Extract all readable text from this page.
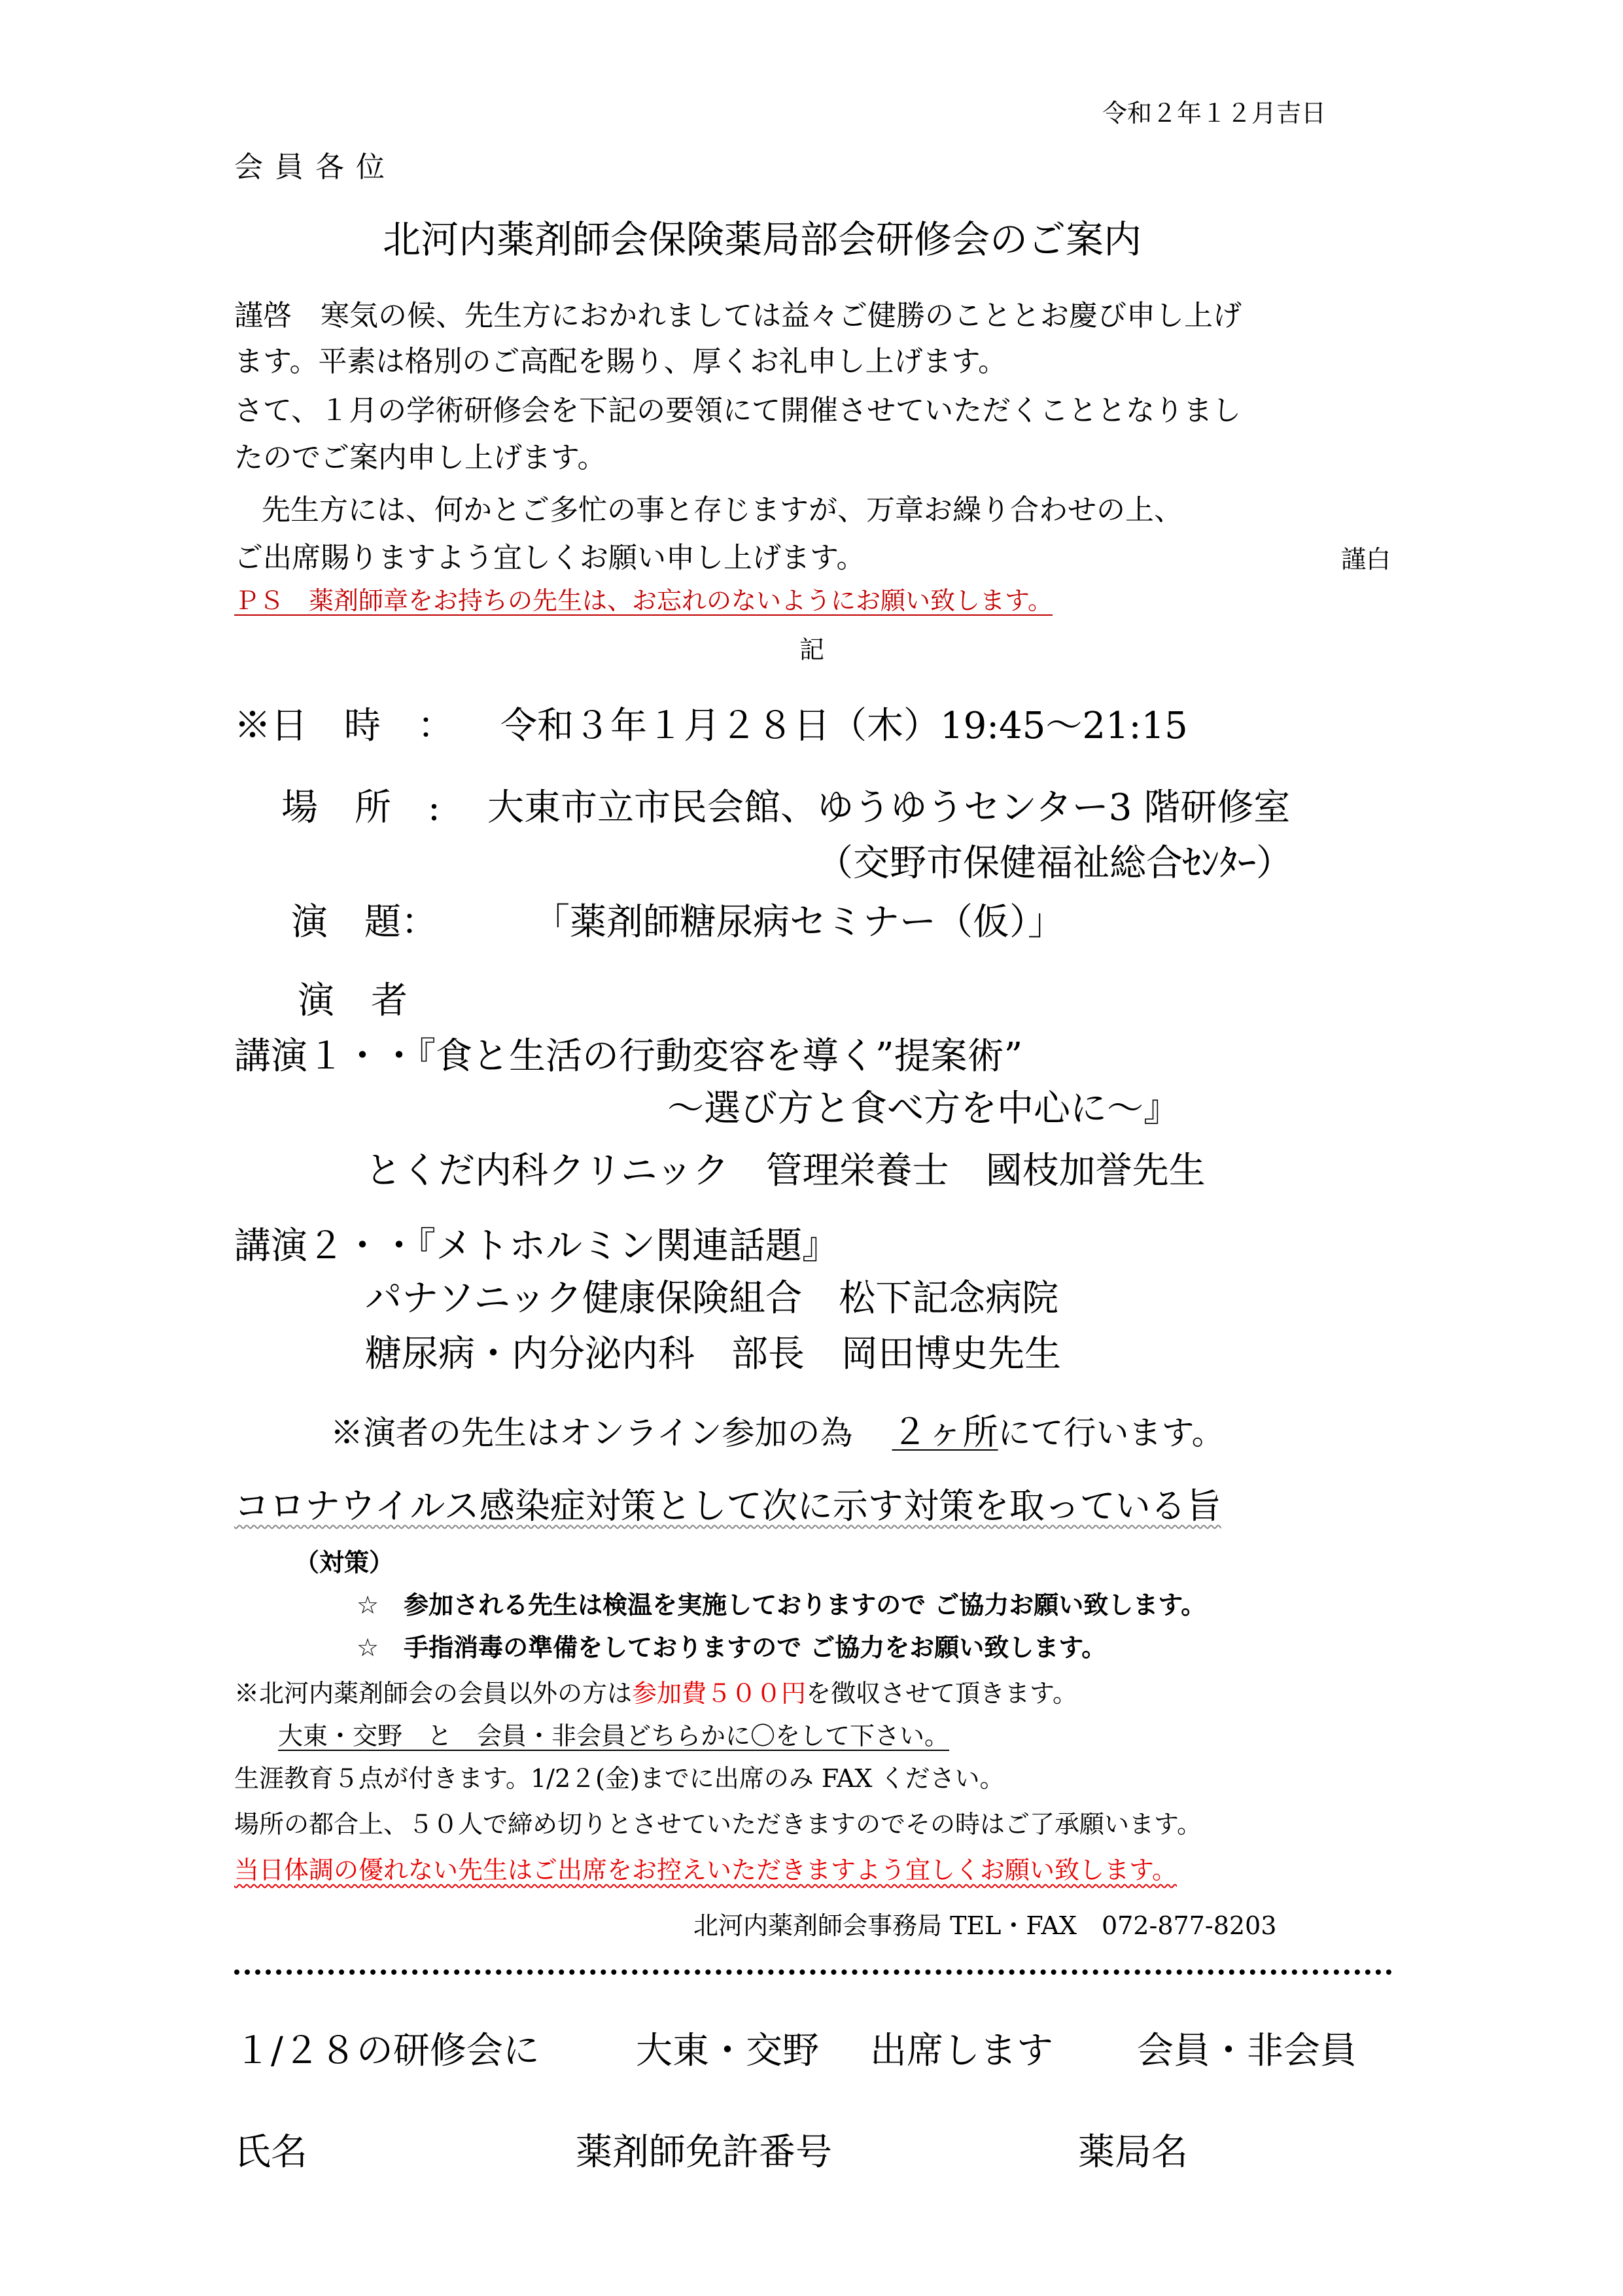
令和２年１２月吉日
会員各位
北河内薬剤師会保険薬局部会研修会のご案内
謹啓　寒気の候、先生方におかれましては益々ご健勝のこととお慶び申し上げ
ます。平素は格別のご高配を賜り、厚くお礼申し上げます。
さて、１月の学術研修会を下記の要領にて開催させていただくこととなりまし
たのでご案内申し上げます。
先生方には、何かとご多忙の事と存じますが、万章お繰り合わせの上、
ご出席賜りますよう宜しくお願い申し上げます。	謹白
ＰＳ　薬剤師章をお持ちの先生は、お忘れのないようにお願い致します。
記
※日　時　： 令和３年１月２８日（木）19:45～21:15
場　所　: 大東市立市民会館、ゆうゆうセンター3 階研修室
（交野市保健福祉総合ｾﾝﾀｰ）
演　題：	「薬剤師糖尿病セミナー（仮）」
演　者
講演１・・『食と生活の行動変容を導く”提案術”
～選び方と食べ方を中心に～』
とくだ内科クリニック　管理栄養士　國枝加誉先生
講演２・・『メトホルミン関連話題』
パナソニック健康保険組合　松下記念病院
糖尿病・内分泌内科　部長　岡田博史先生
※演者の先生はオンライン参加の為 ２ヶ所にて行います。
コロナウイルス感染症対策として次に示す対策を取っている旨
（対策）
☆　参加される先生は検温を実施しておりますので ご協力お願い致します。
☆　手指消毒の準備をしておりますので ご協力をお願い致します。
※北河内薬剤師会の会員以外の方は参加費５００円を徴収させて頂きます。
大東・交野　と　会員・非会員どちらかに〇をして下さい。
生涯教育５点が付きます。1/2２(金)までに出席のみ FAX ください。
場所の都合上、５０人で締め切りとさせていただきますのでその時はご了承願います。
当日体調の優れない先生はご出席をお控えいただきますよう宜しくお願い致します。
北河内薬剤師会事務局 TEL・FAX　072-877-8203
１/２８の研修会に	大東・交野 出席します 会員・非会員
氏名	薬剤師免許番号	薬局名
